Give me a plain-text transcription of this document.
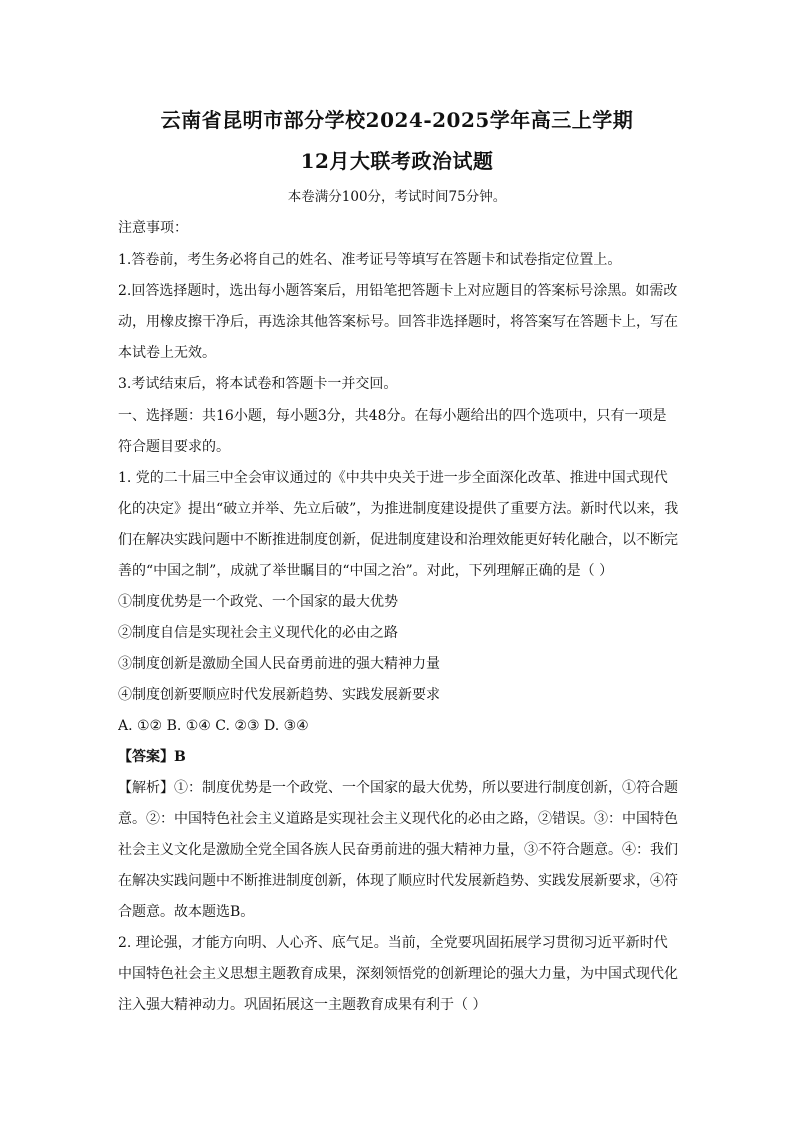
云南省昆明市部分学校2024-2025学年高三上学期
12月大联考政治试题
本卷满分100分，考试时间75分钟。
注意事项：
1.答卷前，考生务必将自己的姓名、准考证号等填写在答题卡和试卷指定位置上。
2.回答选择题时，选出每小题答案后，用铅笔把答题卡上对应题目的答案标号涂黑。如需改
动，用橡皮擦干净后，再选涂其他答案标号。回答非选择题时，将答案写在答题卡上，写在
本试卷上无效。
3.考试结束后，将本试卷和答题卡一并交回。
一、选择题：共16小题，每小题3分，共48分。在每小题给出的四个选项中，只有一项是
符合题目要求的。
1. 党的二十届三中全会审议通过的《中共中央关于进一步全面深化改革、推进中国式现代
化的决定》提出“破立并举、先立后破”，为推进制度建设提供了重要方法。新时代以来，我
们在解决实践问题中不断推进制度创新，促进制度建设和治理效能更好转化融合，以不断完
善的“中国之制”，成就了举世瞩目的“中国之治”。对此，下列理解正确的是（ ）
①制度优势是一个政党、一个国家的最大优势
②制度自信是实现社会主义现代化的必由之路
③制度创新是激励全国人民奋勇前进的强大精神力量
④制度创新要顺应时代发展新趋势、实践发展新要求
A. ①② B. ①④ C. ②③ D. ③④
【答案】B
【解析】①：制度优势是一个政党、一个国家的最大优势，所以要进行制度创新，①符合题
意。②：中国特色社会主义道路是实现社会主义现代化的必由之路，②错误。③：中国特色
社会主义文化是激励全党全国各族人民奋勇前进的强大精神力量，③不符合题意。④：我们
在解决实践问题中不断推进制度创新，体现了顺应时代发展新趋势、实践发展新要求，④符
合题意。故本题选B。
2. 理论强，才能方向明、人心齐、底气足。当前，全党要巩固拓展学习贯彻习近平新时代
中国特色社会主义思想主题教育成果，深刻领悟党的创新理论的强大力量，为中国式现代化
注入强大精神动力。巩固拓展这一主题教育成果有利于（ ）
